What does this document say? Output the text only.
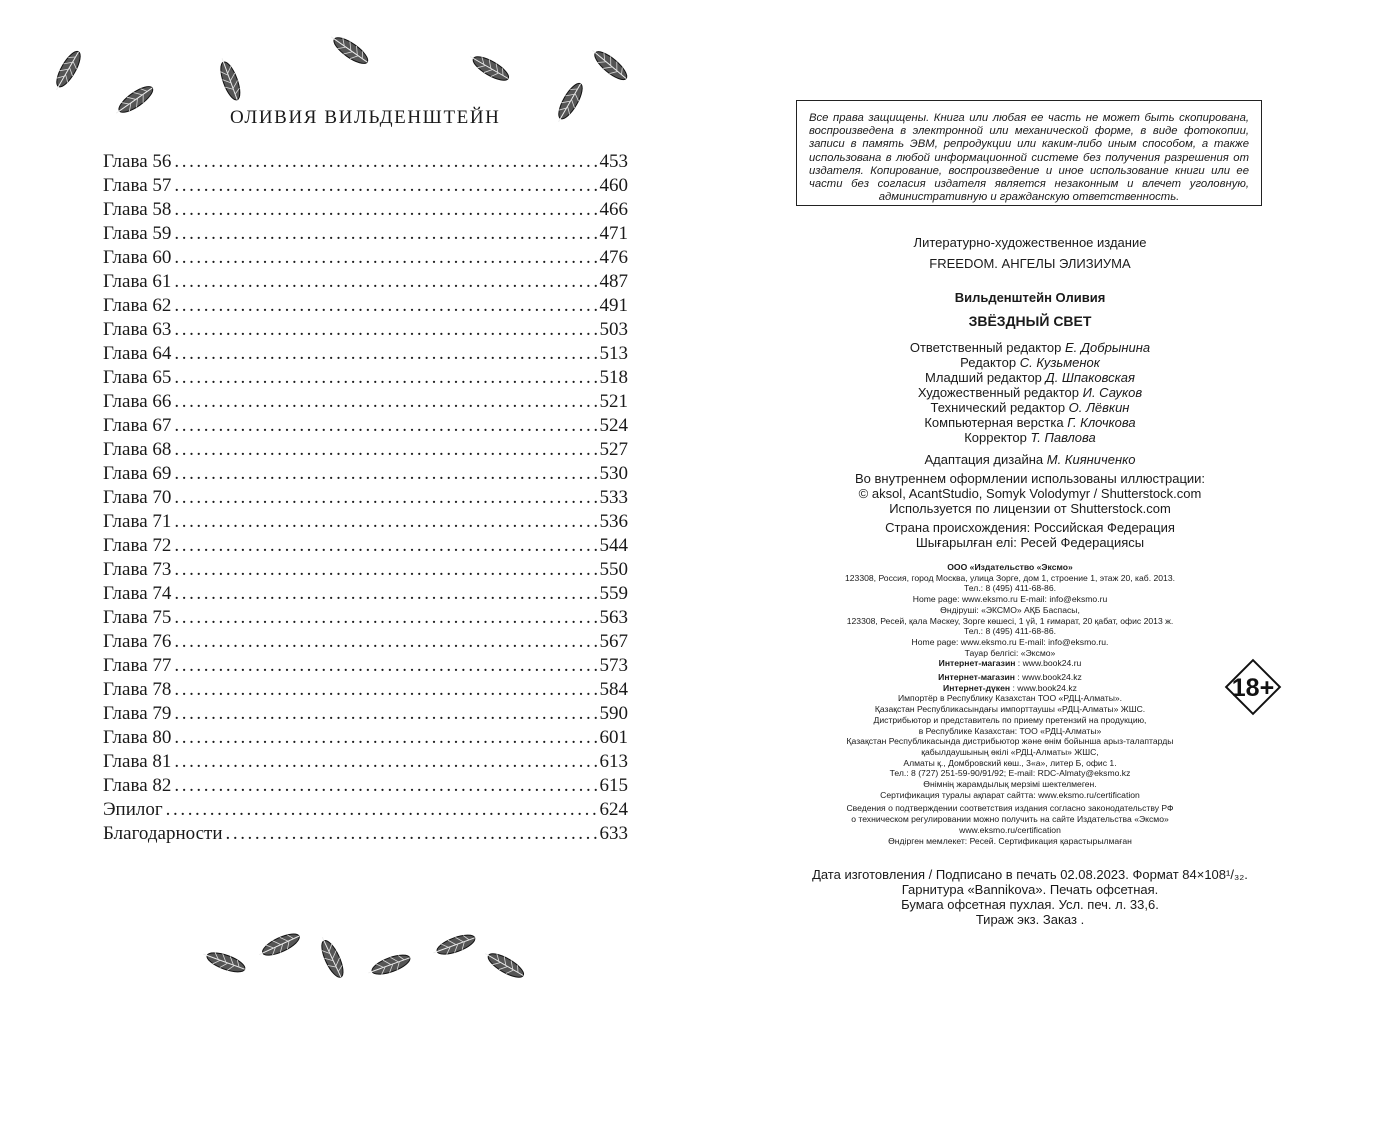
ОЛИВИЯ ВИЛЬДЕНШТЕЙН
Глава 56 .....	453
Глава 57 .....	460
Глава 58 .....	466
Глава 59 .....	471
Глава 60 .....	476
Глава 61 .....	487
Глава 62 .....	491
Глава 63 .....	503
Глава 64 .....	513
Глава 65 .....	518
Глава 66 .....	521
Глава 67 .....	524
Глава 68 .....	527
Глава 69 .....	530
Глава 70 .....	533
Глава 71 .....	536
Глава 72 .....	544
Глава 73 .....	550
Глава 74 .....	559
Глава 75 .....	563
Глава 76 .....	567
Глава 77 .....	573
Глава 78 .....	584
Глава 79 .....	590
Глава 80 .....	601
Глава 81 .....	613
Глава 82 .....	615
Эпилог .....	624
Благодарности .....	633
Все права защищены. Книга или любая ее часть не может быть скопирована, воспроизведена в электронной или механической форме, в виде фотокопии, записи в память ЭВМ, репродукции или каким-либо иным способом, а также использована в любой информационной системе без получения разрешения от издателя. Копирование, воспроизведение и иное использование книги или ее части без согласия издателя является незаконным и влечет уголовную, административную и гражданскую ответственность.
Литературно-художественное издание
FREEDOM. АНГЕЛЫ ЭЛИЗИУМА
Вильденштейн Оливия
ЗВЁЗДНЫЙ СВЕТ
Ответственный редактор Е. Добрынина
Редактор С. Кузьменок
Младший редактор Д. Шпаковская
Художественный редактор И. Сауков
Технический редактор О. Лёвкин
Компьютерная верстка Г. Клочкова
Корректор Т. Павлова
Адаптация дизайна М. Кияниченко
Во внутреннем оформлении использованы иллюстрации:
© aksol, AcantStudio, Somyk Volodymyr / Shutterstock.com
Используется по лицензии от Shutterstock.com
Страна происхождения: Российская Федерация
Шығарылған елі: Ресей Федерациясы
ООО «Издательство «Эксмо»
123308, Россия, город Москва, улица Зорге, дом 1, строение 1, этаж 20, каб. 2013.
Тел.: 8 (495) 411-68-86.
Home page: www.eksmo.ru E-mail: info@eksmo.ru
Өндіруші: «ЭКСМО» АҚБ Баспасы,
123308, Ресей, қала Мәскеу, Зорге көшесі, 1 үй, 1 ғимарат, 20 қабат, офис 2013 ж.
Тел.: 8 (495) 411-68-86.
Home page: www.eksmo.ru E-mail: info@eksmo.ru.
Тауар белгісі: «Эксмо»
Интернет-магазин : www.book24.ru
Интернет-магазин : www.book24.kz
Интернет-дүкен : www.book24.kz
Импортёр в Республику Казахстан ТОО «РДЦ-Алматы».
Қазақстан Республикасындағы импорттаушы «РДЦ-Алматы» ЖШС.
Дистрибьютор и представитель по приему претензий на продукцию,
в Республике Казахстан: ТОО «РДЦ-Алматы»
Қазақстан Республикасында дистрибьютор және өнім бойынша арыз-талаптарды
қабылдаушының өкілі «РДЦ-Алматы» ЖШС,
Алматы қ., Домбровский көш., 3«а», литер Б, офис 1.
Тел.: 8 (727) 251-59-90/91/92; E-mail: RDC-Almaty@eksmo.kz
Өнімнің жарамдылық мерзімі шектелмеген.
Сертификация туралы ақпарат сайтта: www.eksmo.ru/certification
Сведения о подтверждении соответствия издания согласно законодательству РФ
о техническом регулировании можно получить на сайте Издательства «Эксмо»
www.eksmo.ru/certification
Өндірген мемлекет: Ресей. Сертификация қарастырылмаған
Дата изготовления / Подписано в печать 02.08.2023. Формат 84×108¹/₃₂.
Гарнитура «Bannikova». Печать офсетная.
Бумага офсетная пухлая. Усл. печ. л. 33,6.
Тираж экз. Заказ .
18+
